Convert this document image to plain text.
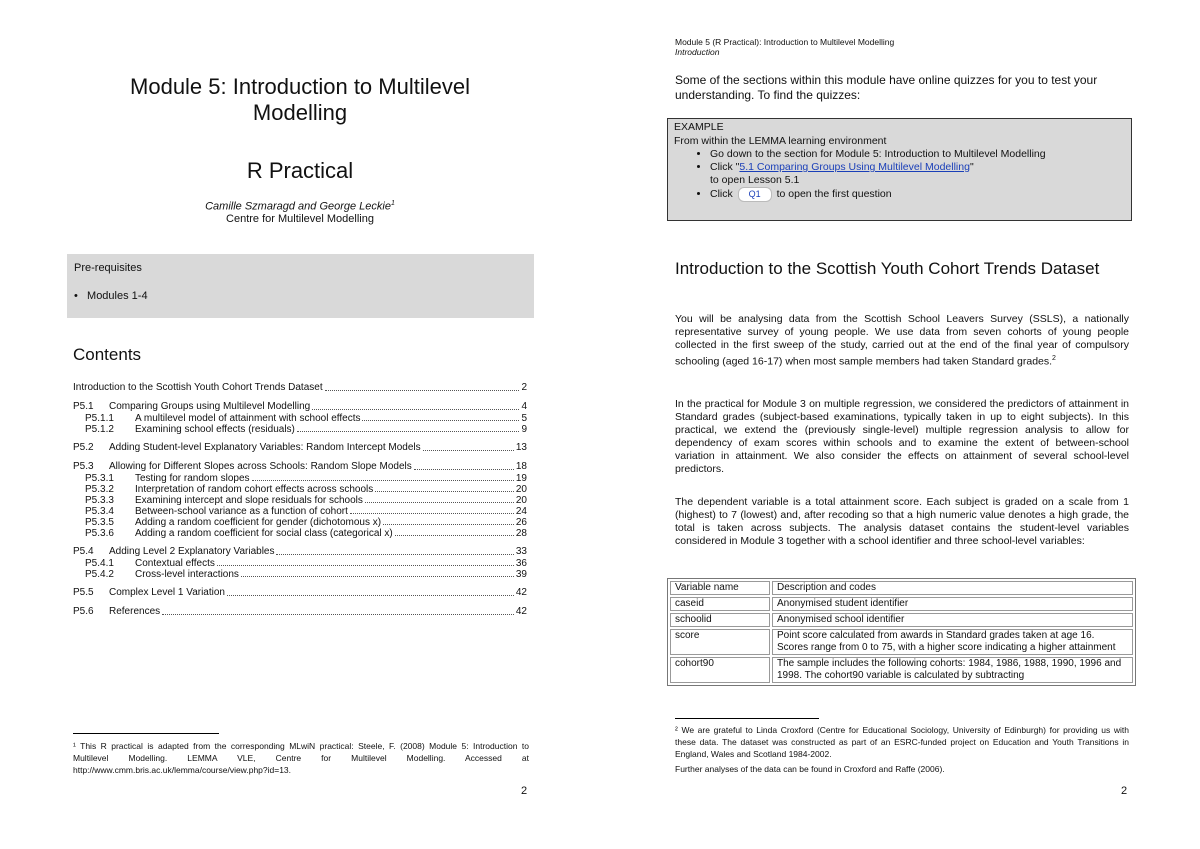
Module 5: Introduction to Multilevel
Modelling
R Practical
Camille Szmaragd and George Leckie$^1$
Centre for Multilevel Modelling
Pre-requisites
•   Modules 1-4
Contents
Introduction to the Scottish Youth Cohort Trends Dataset	2
P5.1	Comparing Groups using Multilevel Modelling	4
P5.1.1	A multilevel model of attainment with school effects	5
P5.1.2	Examining school effects (residuals)	9
P5.2	Adding Student-level Explanatory Variables: Random Intercept Models	13
P5.3	Allowing for Different Slopes across Schools: Random Slope Models	18
P5.3.1	Testing for random slopes	19
P5.3.2	Interpretation of random cohort effects across schools	20
P5.3.3	Examining intercept and slope residuals for schools	20
P5.3.4	Between-school variance as a function of cohort	24
P5.3.5	Adding a random coefficient for gender (dichotomous x)	26
P5.3.6	Adding a random coefficient for social class (categorical x)	28
P5.4	Adding Level 2 Explanatory Variables	33
P5.4.1	Contextual effects	36
P5.4.2	Cross-level interactions	39
P5.5	Complex Level 1 Variation	42
P5.6	References	42
¹ This R practical is adapted from the corresponding MLwiN practical: Steele, F. (2008) Module 5: Introduction to Multilevel Modelling. LEMMA VLE, Centre for Multilevel Modelling. Accessed at http://www.cmm.bris.ac.uk/lemma/course/view.php?id=13.
2
Module 5 (R Practical): Introduction to Multilevel Modelling
Introduction
Some of the sections within this module have online quizzes for you to test your understanding. To find the quizzes:
EXAMPLE
From within the LEMMA learning environment
• Go down to the section for Module 5: Introduction to Multilevel Modelling
• Click "5.1 Comparing Groups Using Multilevel Modelling"
to open Lesson 5.1
• Click Q1 to open the first question
Introduction to the Scottish Youth Cohort Trends Dataset
You will be analysing data from the Scottish School Leavers Survey (SSLS), a nationally representative survey of young people. We use data from seven cohorts of young people collected in the first sweep of the study, carried out at the end of the final year of compulsory schooling (aged 16-17) when most sample members had taken Standard grades.$^2$
In the practical for Module 3 on multiple regression, we considered the predictors of attainment in Standard grades (subject-based examinations, typically taken in up to eight subjects). In this practical, we extend the (previously single-level) multiple regression analysis to allow for dependency of exam scores within schools and to examine the extent of between-school variation in attainment. We also consider the effects on attainment of several school-level predictors.
The dependent variable is a total attainment score. Each subject is graded on a scale from 1 (highest) to 7 (lowest) and, after recoding so that a high numeric value denotes a high grade, the total is taken across subjects. The analysis dataset contains the student-level variables considered in Module 3 together with a school identifier and three school-level variables:
Variable name	Description and codes
caseid	Anonymised student identifier
schoolid	Anonymised school identifier
score	Point score calculated from awards in Standard grades taken at age 16. Scores range from 0 to 75, with a higher score indicating a higher attainment
cohort90	The sample includes the following cohorts: 1984, 1986, 1988, 1990, 1996 and 1998. The cohort90 variable is calculated by subtracting

² We are grateful to Linda Croxford (Centre for Educational Sociology, University of Edinburgh) for providing us with these data. The dataset was constructed as part of an ESRC-funded project on Education and Youth Transitions in England, Wales and Scotland 1984-2002.

Further analyses of the data can be found in Croxford and Raffe (2006).

2
